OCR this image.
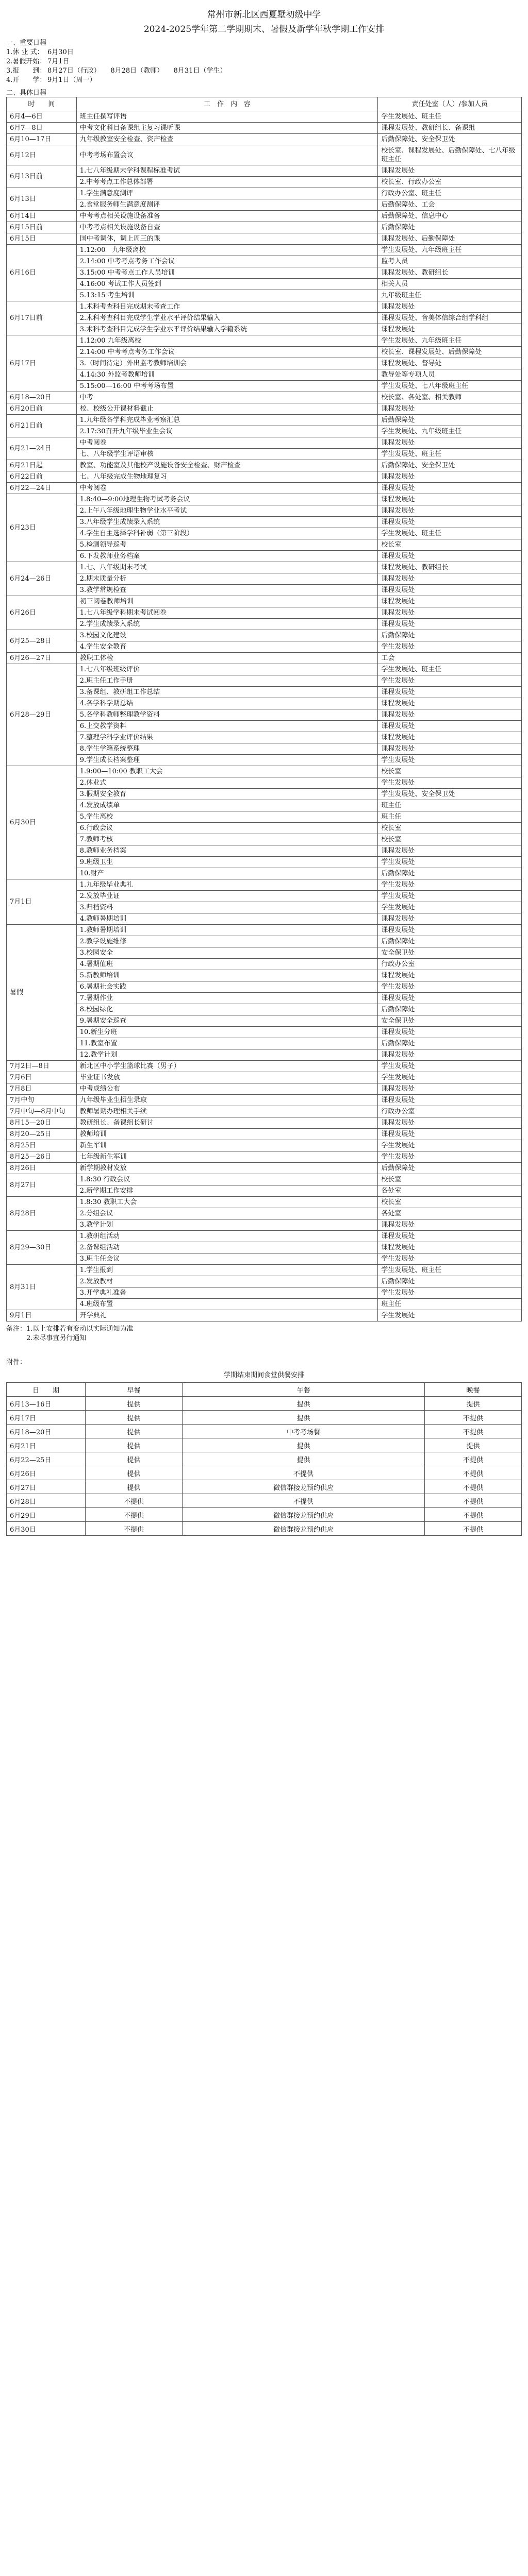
常州市新北区西夏墅初级中学
2024-2025学年第二学期期末、暑假及新学年秋学期工作安排
一、重要日程
1.休 业 式： 6月30日
2.暑假开始： 7月1日
3.报　　到： 8月27日（行政）　　8月28日（教师）　　8月31日（学生）
4.开　　学： 9月1日（周一）
二、具体日程
时　　间	工　作　内　容	责任处室（人）/参加人员
6月4—6日	班主任撰写评语	学生发展处、班主任
6月7—8日	中考文化科目备课组主复习课听课	课程发展处、教研组长、备课组
6月10—17日	九年级教室安全检查、资产检查	后勤保障处、安全保卫处
6月12日	中考考场布置会议	校长室、课程发展处、后勤保障处、七八年级班主任
6月13日前	1.七八年级期末学科课程标准考试	课程发展处
	2.中考考点工作总体部署	校长室、行政办公室
6月13日	1.学生满意度测评	行政办公室、班主任
	2.食堂服务师生满意度测评	后勤保障处、工会
6月14日	中考考点相关设施设备准备	后勤保障处、信息中心
6月15日前	中考考点相关设施设备自查	后勤保障处
6月15日	国中考调休，调上周三的课	课程发展处、后勤保障处
6月16日	1.12:00　九年级离校	学生发展处、九年级班主任
	2.14:00 中考考点考务工作会议	监考人员
	3.15:00 中考考点工作人员培训	课程发展处、教研组长
	4.16:00 考试工作人员签到	相关人员
	5.13:15 考生培训	九年级班主任
6月17日前	1.术科考查科目完成期末考查工作	课程发展处
	2.术科考查科目完成学生学业水平评价结果输入	课程发展处、音美体信综合组学科组
	3.术科考查科目完成学生学业水平评价结果输入学籍系统	课程发展处
6月17日	1.12:00 九年级离校	学生发展处、九年级班主任
	2.14:00 中考考点考务工作会议	校长室、课程发展处、后勤保障处
	3.（时间待定）外出监考教师培训会	课程发展处、督导处
	4.14:30 外监考教师培训	教导处等专项人员
	5.15:00—16:00 中考考场布置	学生发展处、七八年级班主任
6月18—20日	中考	校长室、各处室、相关教师
6月20日前	校、校级公开课材料截止	课程发展处
6月21日前	1.九年级各学科完成毕业考察汇总	后勤保障处
	2.17:30召开九年级毕业生会议	学生发展处、九年级班主任
6月21—24日	中考阅卷	课程发展处
	七、八年级学生评语审核	学生发展处、班主任
6月21日起	教室、功能室及其他校产设施设备安全检查、财产检查	后勤保障处、安全保卫处
6月22日前	七、八年级完成生物地理复习	课程发展处
6月22—24日	中考阅卷	课程发展处
6月23日	1.8:40—9:00地理生物考试考务会议	课程发展处
	2.上午八年级地理生物学业水平考试	课程发展处
	3.八年级学生成绩录入系统	课程发展处
	4.学生自主选择学科补弱（第三阶段）	学生发展处、班主任
	5.检测领导巡考	校长室
	6.下发教师业务档案	课程发展处
6月24—26日	1.七、八年级期末考试	课程发展处、教研组长
	2.期末质量分析	课程发展处
	3.教学常规检查	课程发展处
6月26日	初三阅卷教师培训	课程发展处
	1.七八年级学科期末考试阅卷	课程发展处
	2.学生成绩录入系统	课程发展处
6月25—28日	3.校园文化建设	后勤保障处
	4.学生安全教育	学生发展处
6月26—27日	教职工体检	工会
6月28—29日	1.七八年级班级评价	学生发展处、班主任
	2.班主任工作手册	学生发展处
	3.备课组、教研组工作总结	课程发展处
	4.各学科学期总结	课程发展处
	5.各学科教师整理教学资料	课程发展处
	6.上交教学资料	课程发展处
	7.整理学科学业评价结果	课程发展处
	8.学生学籍系统整理	课程发展处
	9.学生成长档案整理	学生发展处
6月30日	1.9:00—10:00 教职工大会	校长室
	2.休业式	学生发展处
	3.假期安全教育	学生发展处、安全保卫处
	4.发放成绩单	班主任
	5.学生离校	班主任
	6.行政会议	校长室
	7.教师考核	校长室
	8.教师业务档案	课程发展处
	9.班级卫生	学生发展处
	10.财产	后勤保障处
7月1日	1.九年级毕业典礼	学生发展处
	2.发放毕业证	学生发展处
	3.归档资料	学生发展处
	4.教师暑期培训	课程发展处
暑假	1.教师暑期培训	课程发展处
	2.教学设施维修	后勤保障处
	3.校园安全	安全保卫处
	4.暑期值班	行政办公室
	5.新教师培训	课程发展处
	6.暑期社会实践	学生发展处
	7.暑期作业	课程发展处
	8.校园绿化	后勤保障处
	9.暑期安全巡查	安全保卫处
	10.新生分班	课程发展处
	11.教室布置	后勤保障处
	12.教学计划	课程发展处
7月2日—8日	新北区中小学生篮球比赛（男子）	学生发展处
7月6日	毕业证书发放	学生发展处
7月8日	中考成绩公布	课程发展处
7月中旬	九年级毕业生招生录取	课程发展处
7月中旬—8月中旬	教师暑期办理相关手续	行政办公室
8月15—20日	教研组长、备课组长研讨	课程发展处
8月20—25日	教师培训	课程发展处
8月25日	新生军训	学生发展处
8月25—26日	七年级新生军训	学生发展处
8月26日	新学期教材发放	后勤保障处
8月27日	1.8:30 行政会议	校长室
	2.新学期工作安排	各处室
8月28日	1.8:30 教职工大会	校长室
	2.分组会议	各处室
	3.教学计划	课程发展处
8月29—30日	1.教研组活动	课程发展处
	2.备课组活动	课程发展处
	3.班主任会议	学生发展处
8月31日	1.学生报到	学生发展处、班主任
	2.发放教材	后勤保障处
	3.开学典礼准备	学生发展处
	4.班级布置	班主任
9月1日	开学典礼	学生发展处
备注：1.以上安排若有变动以实际通知为准
　　　2.未尽事宜另行通知
附件：
学期结束期间食堂供餐安排
日　　期	早餐	午餐	晚餐
6月13—16日	提供	提供	提供
6月17日	提供	提供	不提供
6月18—20日	提供	中考考场餐	不提供
6月21日	提供	提供	提供
6月22—25日	提供	提供	不提供
6月26日	提供	不提供	不提供
6月27日	提供	微信群接龙预约供应	不提供
6月28日	不提供	不提供	不提供
6月29日	不提供	微信群接龙预约供应	不提供
6月30日	不提供	微信群接龙预约供应	不提供
